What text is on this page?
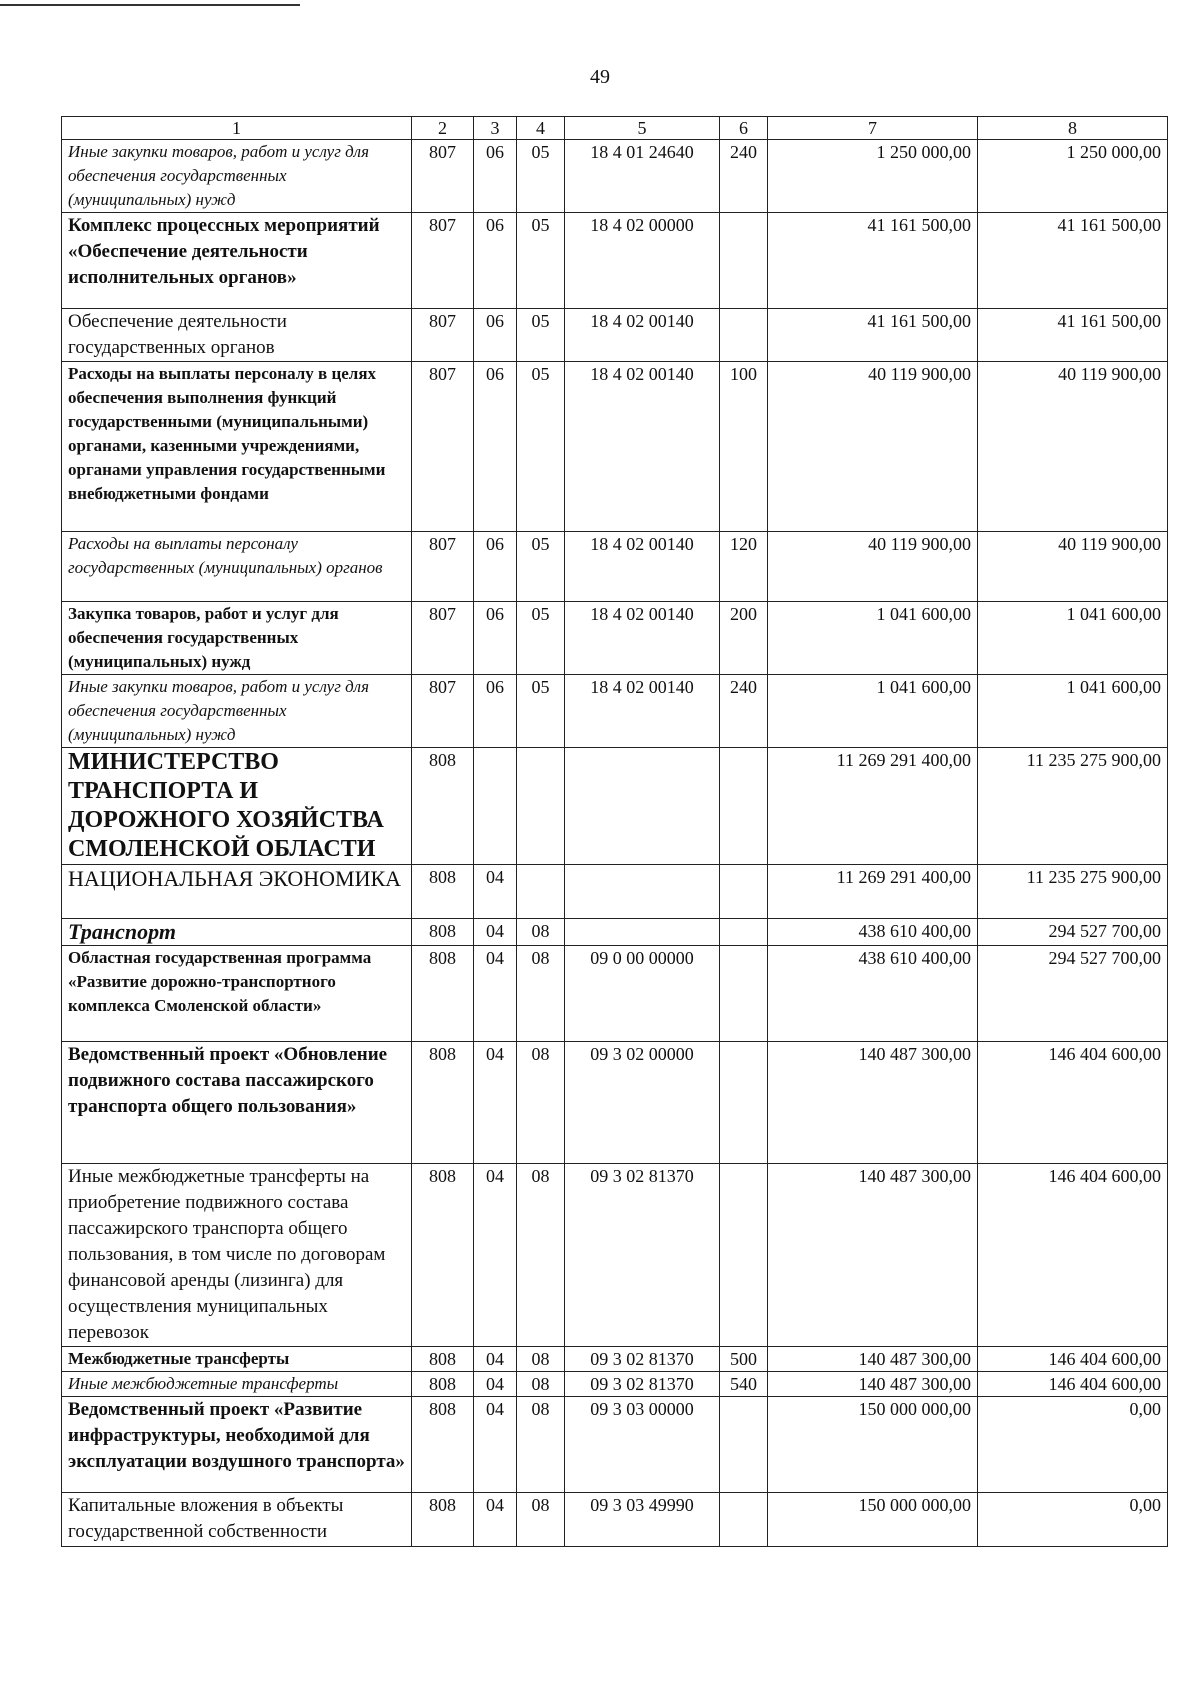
49
1	2	3	4	5	6	7	8
Иные закупки товаров, работ и услуг для обеспечения государственных (муниципальных) нужд	807	06	05	18 4 01 24640	240	1 250 000,00	1 250 000,00
Комплекс процессных мероприятий «Обеспечение деятельности исполнительных органов»	807	06	05	18 4 02 00000		41 161 500,00	41 161 500,00
Обеспечение деятельности государственных органов	807	06	05	18 4 02 00140		41 161 500,00	41 161 500,00
Расходы на выплаты персоналу в целях обеспечения выполнения функций государственными (муниципальными) органами, казенными учреждениями, органами управления государственными внебюджетными фондами	807	06	05	18 4 02 00140	100	40 119 900,00	40 119 900,00
Расходы на выплаты персоналу государственных (муниципальных) органов	807	06	05	18 4 02 00140	120	40 119 900,00	40 119 900,00
Закупка товаров, работ и услуг для обеспечения государственных (муниципальных) нужд	807	06	05	18 4 02 00140	200	1 041 600,00	1 041 600,00
Иные закупки товаров, работ и услуг для обеспечения государственных (муниципальных) нужд	807	06	05	18 4 02 00140	240	1 041 600,00	1 041 600,00
МИНИСТЕРСТВО ТРАНСПОРТА И ДОРОЖНОГО ХОЗЯЙСТВА СМОЛЕНСКОЙ ОБЛАСТИ	808					11 269 291 400,00	11 235 275 900,00
НАЦИОНАЛЬНАЯ ЭКОНОМИКА	808	04				11 269 291 400,00	11 235 275 900,00
Транспорт	808	04	08			438 610 400,00	294 527 700,00
Областная государственная программа «Развитие дорожно-транспортного комплекса Смоленской области»	808	04	08	09 0 00 00000		438 610 400,00	294 527 700,00
Ведомственный проект «Обновление подвижного состава пассажирского транспорта общего пользования»	808	04	08	09 3 02 00000		140 487 300,00	146 404 600,00
Иные межбюджетные трансферты на приобретение подвижного состава пассажирского транспорта общего пользования, в том числе по договорам финансовой аренды (лизинга) для осуществления муниципальных перевозок	808	04	08	09 3 02 81370		140 487 300,00	146 404 600,00
Межбюджетные трансферты	808	04	08	09 3 02 81370	500	140 487 300,00	146 404 600,00
Иные межбюджетные трансферты	808	04	08	09 3 02 81370	540	140 487 300,00	146 404 600,00
Ведомственный проект «Развитие инфраструктуры, необходимой для эксплуатации воздушного транспорта»	808	04	08	09 3 03 00000		150 000 000,00	0,00
Капитальные вложения в объекты государственной собственности	808	04	08	09 3 03 49990		150 000 000,00	0,00
